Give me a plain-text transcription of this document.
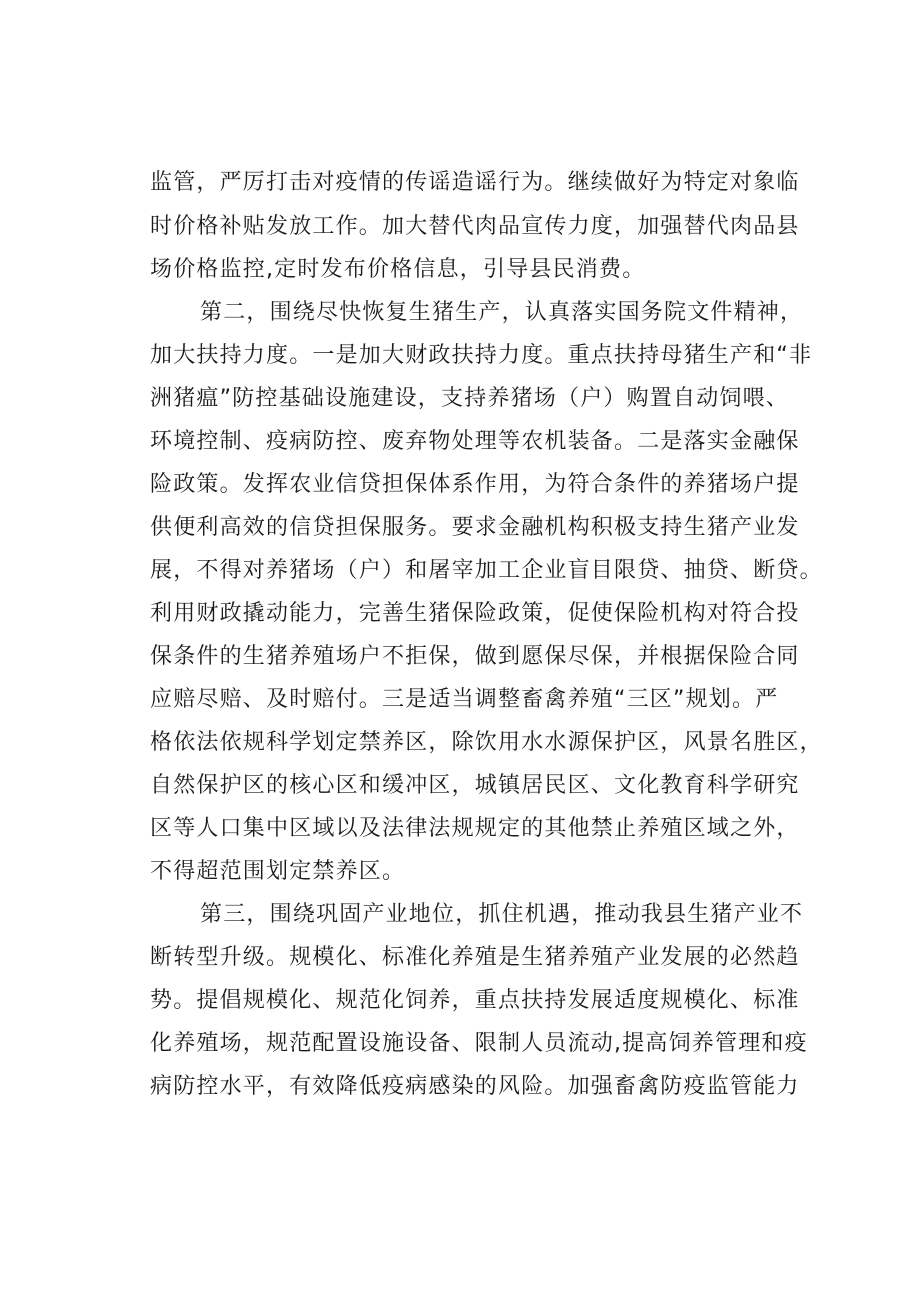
监管，严厉打击对疫情的传谣造谣行为。继续做好为特定对象临
时价格补贴发放工作。加大替代肉品宣传力度，加强替代肉品县
场价格监控,定时发布价格信息，引导县民消费。
第二，围绕尽快恢复生猪生产，认真落实国务院文件精神，
加大扶持力度。一是加大财政扶持力度。重点扶持母猪生产和“非
洲猪瘟”防控基础设施建设，支持养猪场（户）购置自动饲喂、
环境控制、疫病防控、废弃物处理等农机装备。二是落实金融保
险政策。发挥农业信贷担保体系作用，为符合条件的养猪场户提
供便利高效的信贷担保服务。要求金融机构积极支持生猪产业发
展，不得对养猪场（户）和屠宰加工企业盲目限贷、抽贷、断贷。
利用财政撬动能力，完善生猪保险政策，促使保险机构对符合投
保条件的生猪养殖场户不拒保，做到愿保尽保，并根据保险合同
应赔尽赔、及时赔付。三是适当调整畜禽养殖“三区”规划。严
格依法依规科学划定禁养区，除饮用水水源保护区，风景名胜区，
自然保护区的核心区和缓冲区，城镇居民区、文化教育科学研究
区等人口集中区域以及法律法规规定的其他禁止养殖区域之外，
不得超范围划定禁养区。
第三，围绕巩固产业地位，抓住机遇，推动我县生猪产业不
断转型升级。规模化、标准化养殖是生猪养殖产业发展的必然趋
势。提倡规模化、规范化饲养，重点扶持发展适度规模化、标准
化养殖场，规范配置设施设备、限制人员流动,提高饲养管理和疫
病防控水平，有效降低疫病感染的风险。加强畜禽防疫监管能力
